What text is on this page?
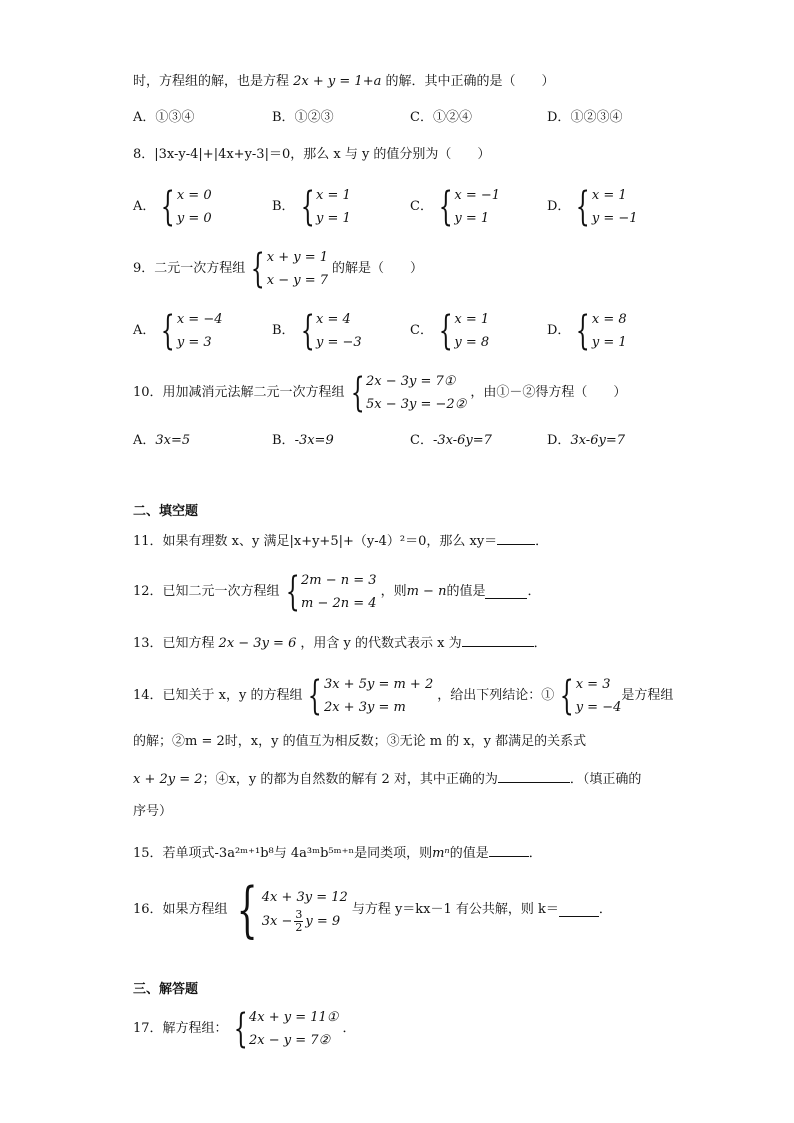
时，方程组的解，也是方程 2x + y = 1+a 的解．其中正确的是（　　）
A．①③④	B．①②③	C．①②④	D．①②③④
8．|3x-y-4|+|4x+y-3|＝0，那么 x 与 y 的值分别为（　　）
A． { x = 0
y = 0
B． { x = 1
y = 1
C． { x = −1
y = 1
D． { x = 1
y = −1
9．二元一次方程组 { x + y = 1
x − y = 7
的解是（　　）
A． { x = −4
y = 3
B． { x = 4
y = −3
C． { x = 1
y = 8
D． { x = 8
y = 1
10．用加减消元法解二元一次方程组 { 2x − 3y = 7①
5x − 3y = −2②
，由①－②得方程（　　）
A．3x=5	B．-3x=9	C．-3x-6y=7	D．3x-6y=7
二、填空题
11．如果有理数 x、y 满足|x+y+5|+（y-4）²＝0，那么 xy＝	．
12．已知二元一次方程组 { 2m − n = 3
m − 2n = 4
，则 m − n 的值是	．
13．已知方程 2x − 3y = 6 ，用含 y 的代数式表示 x 为	．
14．已知关于 x，y 的方程组 { 3x + 5y = m + 2
2x + 3y = m
，给出下列结论：① { x = 3
y = −4
是方程组
的解；②m = 2时，x，y 的值互为相反数；③无论 m 的 x，y 都满足的关系式
x + 2y = 2；④x，y 的都为自然数的解有 2 对，其中正确的为	．（填正确的
序号）
15．若单项式-3a²ᵐ⁺¹b⁸与 4a³ᵐb⁵ᵐ⁺ⁿ是同类项，则mⁿ的值是	．
16．如果方程组 { 4x + 3y = 12
$3x - \frac{3}{2}$ y = 9
与方程 y＝kx－1 有公共解，则 k＝	．
三、解答题
17．解方程组： { 4x + y = 11①
2x − y = 7②
．
